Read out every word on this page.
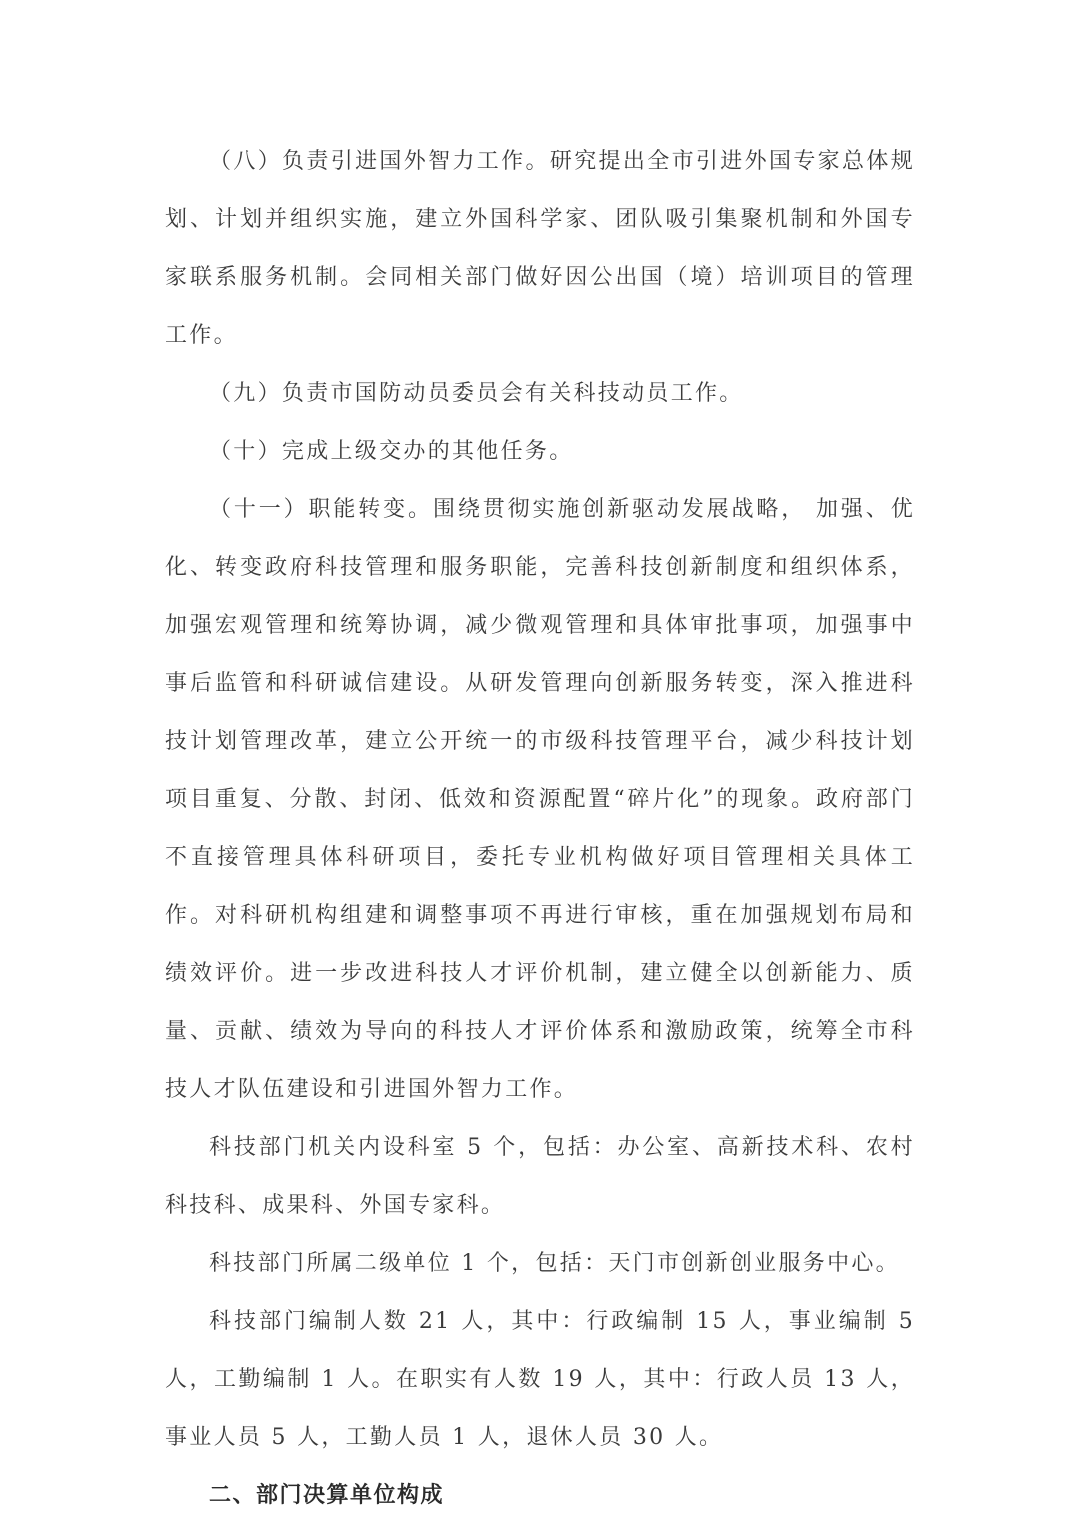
（八）负责引进国外智力工作。研究提出全市引进外国专家总体规划、计划并组织实施，建立外国科学家、团队吸引集聚机制和外国专家联系服务机制。会同相关部门做好因公出国（境）培训项目的管理工作。

（九）负责市国防动员委员会有关科技动员工作。

（十）完成上级交办的其他任务。

（十一）职能转变。围绕贯彻实施创新驱动发展战略， 加强、优化、转变政府科技管理和服务职能，完善科技创新制度和组织体系，加强宏观管理和统筹协调，减少微观管理和具体审批事项，加强事中事后监管和科研诚信建设。从研发管理向创新服务转变，深入推进科技计划管理改革，建立公开统一的市级科技管理平台，减少科技计划项目重复、分散、封闭、低效和资源配置“碎片化”的现象。政府部门不直接管理具体科研项目，委托专业机构做好项目管理相关具体工作。对科研机构组建和调整事项不再进行审核，重在加强规划布局和绩效评价。进一步改进科技人才评价机制，建立健全以创新能力、质量、贡献、绩效为导向的科技人才评价体系和激励政策，统筹全市科技人才队伍建设和引进国外智力工作。

科技部门机关内设科室 5 个，包括：办公室、高新技术科、农村科技科、成果科、外国专家科。

科技部门所属二级单位 1 个，包括：天门市创新创业服务中心。

科技部门编制人数 21 人，其中：行政编制 15 人，事业编制 5 人，工勤编制 1 人。在职实有人数 19 人，其中：行政人员 13 人，事业人员 5 人，工勤人员 1 人，退休人员 30 人。

二、部门决算单位构成
